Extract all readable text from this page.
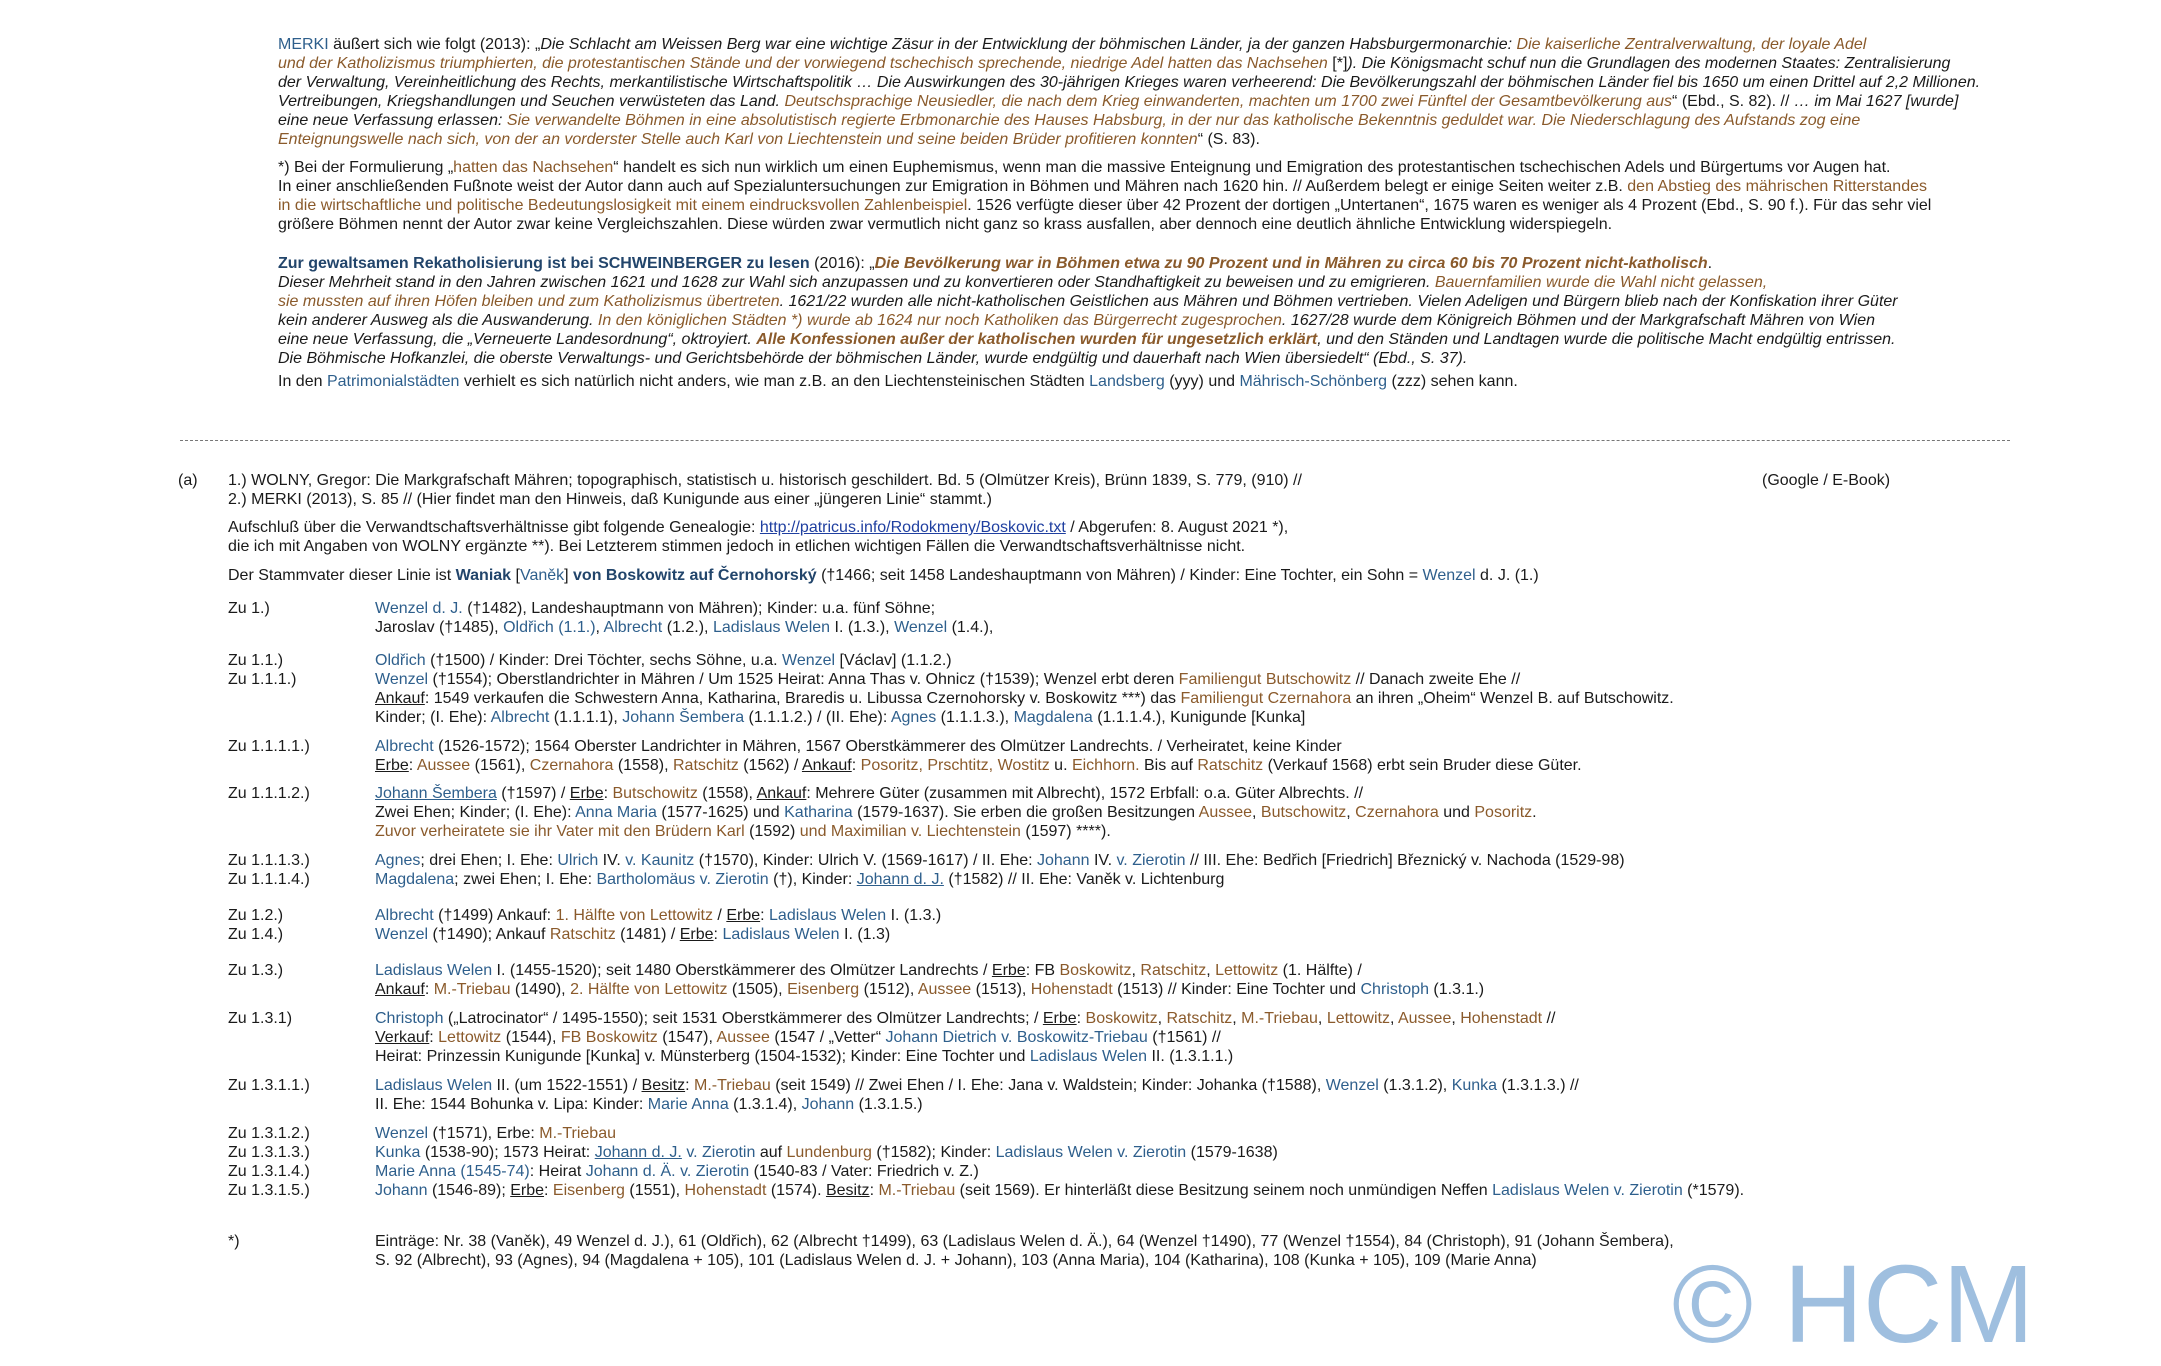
MERKI äußert sich wie folgt (2013): „Die Schlacht am Weissen Berg war eine wichtige Zäsur in der Entwicklung der böhmischen Länder, ja der ganzen Habsburgermonarchie: Die kaiserliche Zentralverwaltung, der loyale Adel
und der Katholizismus triumphierten, die protestantischen Stände und der vorwiegend tschechisch sprechende, niedrige Adel hatten das Nachsehen [*]). Die Königsmacht schuf nun die Grundlagen des modernen Staates: Zentralisierung
der Verwaltung, Vereinheitlichung des Rechts, merkantilistische Wirtschaftspolitik … Die Auswirkungen des 30-jährigen Krieges waren verheerend: Die Bevölkerungszahl der böhmischen Länder fiel bis 1650 um einen Drittel auf 2,2 Millionen.
Vertreibungen, Kriegshandlungen und Seuchen verwüsteten das Land. Deutschsprachige Neusiedler, die nach dem Krieg einwanderten, machten um 1700 zwei Fünftel der Gesamtbevölkerung aus“ (Ebd., S. 82). // … im Mai 1627 [wurde]
eine neue Verfassung erlassen: Sie verwandelte Böhmen in eine absolutistisch regierte Erbmonarchie des Hauses Habsburg, in der nur das katholische Bekenntnis geduldet war. Die Niederschlagung des Aufstands zog eine
Enteignungswelle nach sich, von der an vorderster Stelle auch Karl von Liechtenstein und seine beiden Brüder profitieren konnten“ (S. 83).
*) Bei der Formulierung „hatten das Nachsehen“ handelt es sich nun wirklich um einen Euphemismus, wenn man die massive Enteignung und Emigration des protestantischen tschechischen Adels und Bürgertums vor Augen hat.
In einer anschließenden Fußnote weist der Autor dann auch auf Spezialuntersuchungen zur Emigration in Böhmen und Mähren nach 1620 hin. // Außerdem belegt er einige Seiten weiter z.B. den Abstieg des mährischen Ritterstandes
in die wirtschaftliche und politische Bedeutungslosigkeit mit einem eindrucksvollen Zahlenbeispiel. 1526 verfügte dieser über 42 Prozent der dortigen „Untertanen“, 1675 waren es weniger als 4 Prozent (Ebd., S. 90 f.). Für das sehr viel
größere Böhmen nennt der Autor zwar keine Vergleichszahlen. Diese würden zwar vermutlich nicht ganz so krass ausfallen, aber dennoch eine deutlich ähnliche Entwicklung widerspiegeln.
Zur gewaltsamen Rekatholisierung ist bei SCHWEINBERGER zu lesen (2016): „Die Bevölkerung war in Böhmen etwa zu 90 Prozent und in Mähren zu circa 60 bis 70 Prozent nicht-katholisch.
Dieser Mehrheit stand in den Jahren zwischen 1621 und 1628 zur Wahl sich anzupassen und zu konvertieren oder Standhaftigkeit zu beweisen und zu emigrieren. Bauernfamilien wurde die Wahl nicht gelassen,
sie mussten auf ihren Höfen bleiben und zum Katholizismus übertreten. 1621/22 wurden alle nicht-katholischen Geistlichen aus Mähren und Böhmen vertrieben. Vielen Adeligen und Bürgern blieb nach der Konfiskation ihrer Güter
kein anderer Ausweg als die Auswanderung. In den königlichen Städten *) wurde ab 1624 nur noch Katholiken das Bürgerrecht zugesprochen. 1627/28 wurde dem Königreich Böhmen und der Markgrafschaft Mähren von Wien
eine neue Verfassung, die „Verneuerte Landesordnung“, oktroyiert. Alle Konfessionen außer der katholischen wurden für ungesetzlich erklärt, und den Ständen und Landtagen wurde die politische Macht endgültig entrissen.
Die Böhmische Hofkanzlei, die oberste Verwaltungs- und Gerichtsbehörde der böhmischen Länder, wurde endgültig und dauerhaft nach Wien übersiedelt“ (Ebd., S. 37).
In den Patrimonialstädten verhielt es sich natürlich nicht anders, wie man z.B. an den Liechtensteinischen Städten Landsberg (yyy) und Mährisch-Schönberg (zzz) sehen kann.
(a) 1.) WOLNY, Gregor: Die Markgrafschaft Mähren; topographisch, statistisch u. historisch geschildert. Bd. 5 (Olmützer Kreis), Brünn 1839, S. 779, (910) //	(Google / E-Book)
2.) MERKI (2013), S. 85 // (Hier findet man den Hinweis, daß Kunigunde aus einer „jüngeren Linie“ stammt.)
Aufschluß über die Verwandtschaftsverhältnisse gibt folgende Genealogie: http://patricus.info/Rodokmeny/Boskovic.txt / Abgerufen: 8. August 2021 *),
die ich mit Angaben von WOLNY ergänzte **). Bei Letzterem stimmen jedoch in etlichen wichtigen Fällen die Verwandtschaftsverhältnisse nicht.
Der Stammvater dieser Linie ist Waniak [Vaněk] von Boskowitz auf Černohorský (†1466; seit 1458 Landeshauptmann von Mähren) / Kinder: Eine Tochter, ein Sohn = Wenzel d. J. (1.)
Zu 1.)	Wenzel d. J. (†1482), Landeshauptmann von Mähren); Kinder: u.a. fünf Söhne;
Jaroslav (†1485), Oldřich (1.1.), Albrecht (1.2.), Ladislaus Welen I. (1.3.), Wenzel (1.4.),
Zu 1.1.)	Oldřich (†1500) / Kinder: Drei Töchter, sechs Söhne, u.a. Wenzel [Václav] (1.1.2.)
Zu 1.1.1.)	Wenzel (†1554); Oberstlandrichter in Mähren / Um 1525 Heirat: Anna Thas v. Ohnicz (†1539); Wenzel erbt deren Familiengut Butschowitz // Danach zweite Ehe //
Ankauf: 1549 verkaufen die Schwestern Anna, Katharina, Braredis u. Libussa Czernohorsky v. Boskowitz ***) das Familiengut Czernahora an ihren „Oheim“ Wenzel B. auf Butschowitz.
Kinder; (I. Ehe): Albrecht (1.1.1.1), Johann Šembera (1.1.1.2.) / (II. Ehe): Agnes (1.1.1.3.), Magdalena (1.1.1.4.), Kunigunde [Kunka]
Zu 1.1.1.1.)	Albrecht (1526-1572); 1564 Oberster Landrichter in Mähren, 1567 Oberstkämmerer des Olmützer Landrechts. / Verheiratet, keine Kinder
Erbe: Aussee (1561), Czernahora (1558), Ratschitz (1562) / Ankauf: Posoritz, Prschtitz, Wostitz u. Eichhorn. Bis auf Ratschitz (Verkauf 1568) erbt sein Bruder diese Güter.
Zu 1.1.1.2.)	Johann Šembera (†1597) / Erbe: Butschowitz (1558), Ankauf: Mehrere Güter (zusammen mit Albrecht), 1572 Erbfall: o.a. Güter Albrechts. //
Zwei Ehen; Kinder; (I. Ehe): Anna Maria (1577-1625) und Katharina (1579-1637). Sie erben die großen Besitzungen Aussee, Butschowitz, Czernahora und Posoritz.
Zuvor verheiratete sie ihr Vater mit den Brüdern Karl (1592) und Maximilian v. Liechtenstein (1597) ****).
Zu 1.1.1.3.)	Agnes; drei Ehen; I. Ehe: Ulrich IV. v. Kaunitz (†1570), Kinder: Ulrich V. (1569-1617) / II. Ehe: Johann IV. v. Zierotin // III. Ehe: Bedřich [Friedrich] Březnický v. Nachoda (1529-98)
Zu 1.1.1.4.)	Magdalena; zwei Ehen; I. Ehe: Bartholomäus v. Zierotin (†), Kinder: Johann d. J. (†1582) // II. Ehe: Vaněk v. Lichtenburg
Zu 1.2.)	Albrecht (†1499) Ankauf: 1. Hälfte von Lettowitz / Erbe: Ladislaus Welen I. (1.3.)
Zu 1.4.)	Wenzel (†1490); Ankauf Ratschitz (1481) / Erbe: Ladislaus Welen I. (1.3)
Zu 1.3.)	Ladislaus Welen I. (1455-1520); seit 1480 Oberstkämmerer des Olmützer Landrechts / Erbe: FB Boskowitz, Ratschitz, Lettowitz (1. Hälfte) /
Ankauf: M.-Triebau (1490), 2. Hälfte von Lettowitz (1505), Eisenberg (1512), Aussee (1513), Hohenstadt (1513) // Kinder: Eine Tochter und Christoph (1.3.1.)
Zu 1.3.1)	Christoph („Latrocinator“ / 1495-1550); seit 1531 Oberstkämmerer des Olmützer Landrechts; / Erbe: Boskowitz, Ratschitz, M.-Triebau, Lettowitz, Aussee, Hohenstadt //
Verkauf: Lettowitz (1544), FB Boskowitz (1547), Aussee (1547 / „Vetter“ Johann Dietrich v. Boskowitz-Triebau (†1561) //
Heirat: Prinzessin Kunigunde [Kunka] v. Münsterberg (1504-1532); Kinder: Eine Tochter und Ladislaus Welen II. (1.3.1.1.)
Zu 1.3.1.1.)	Ladislaus Welen II. (um 1522-1551) / Besitz: M.-Triebau (seit 1549) // Zwei Ehen / I. Ehe: Jana v. Waldstein; Kinder: Johanka (†1588), Wenzel (1.3.1.2), Kunka (1.3.1.3.) //
II. Ehe: 1544 Bohunka v. Lipa: Kinder: Marie Anna (1.3.1.4), Johann (1.3.1.5.)
Zu 1.3.1.2.)	Wenzel (†1571), Erbe: M.-Triebau
Zu 1.3.1.3.)	Kunka (1538-90); 1573 Heirat: Johann d. J. v. Zierotin auf Lundenburg (†1582); Kinder: Ladislaus Welen v. Zierotin (1579-1638)
Zu 1.3.1.4.)	Marie Anna (1545-74): Heirat Johann d. Ä. v. Zierotin (1540-83 / Vater: Friedrich v. Z.)
Zu 1.3.1.5.)	Johann (1546-89); Erbe: Eisenberg (1551), Hohenstadt (1574). Besitz: M.-Triebau (seit 1569). Er hinterläßt diese Besitzung seinem noch unmündigen Neffen Ladislaus Welen v. Zierotin (*1579).
*)	Einträge: Nr. 38 (Vaněk), 49 Wenzel d. J.), 61 (Oldřich), 62 (Albrecht †1499), 63 (Ladislaus Welen d. Ä.), 64 (Wenzel †1490), 77 (Wenzel †1554), 84 (Christoph), 91 (Johann Šembera),
S. 92 (Albrecht), 93 (Agnes), 94 (Magdalena + 105), 101 (Ladislaus Welen d. J. + Johann), 103 (Anna Maria), 104 (Katharina), 108 (Kunka + 105), 109 (Marie Anna) © HCM
